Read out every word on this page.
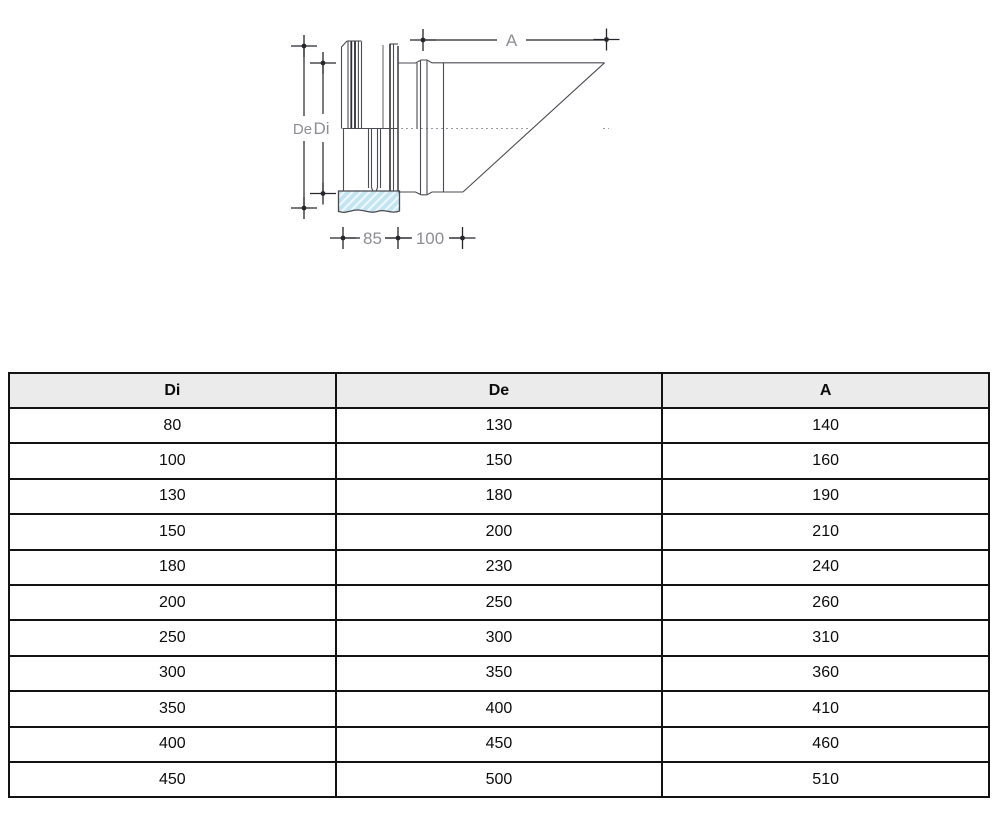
A
De Di
85 100
Di	De	A
80	130	140
100	150	160
130	180	190
150	200	210
180	230	240
200	250	260
250	300	310
300	350	360
350	400	410
400	450	460
450	500	510
